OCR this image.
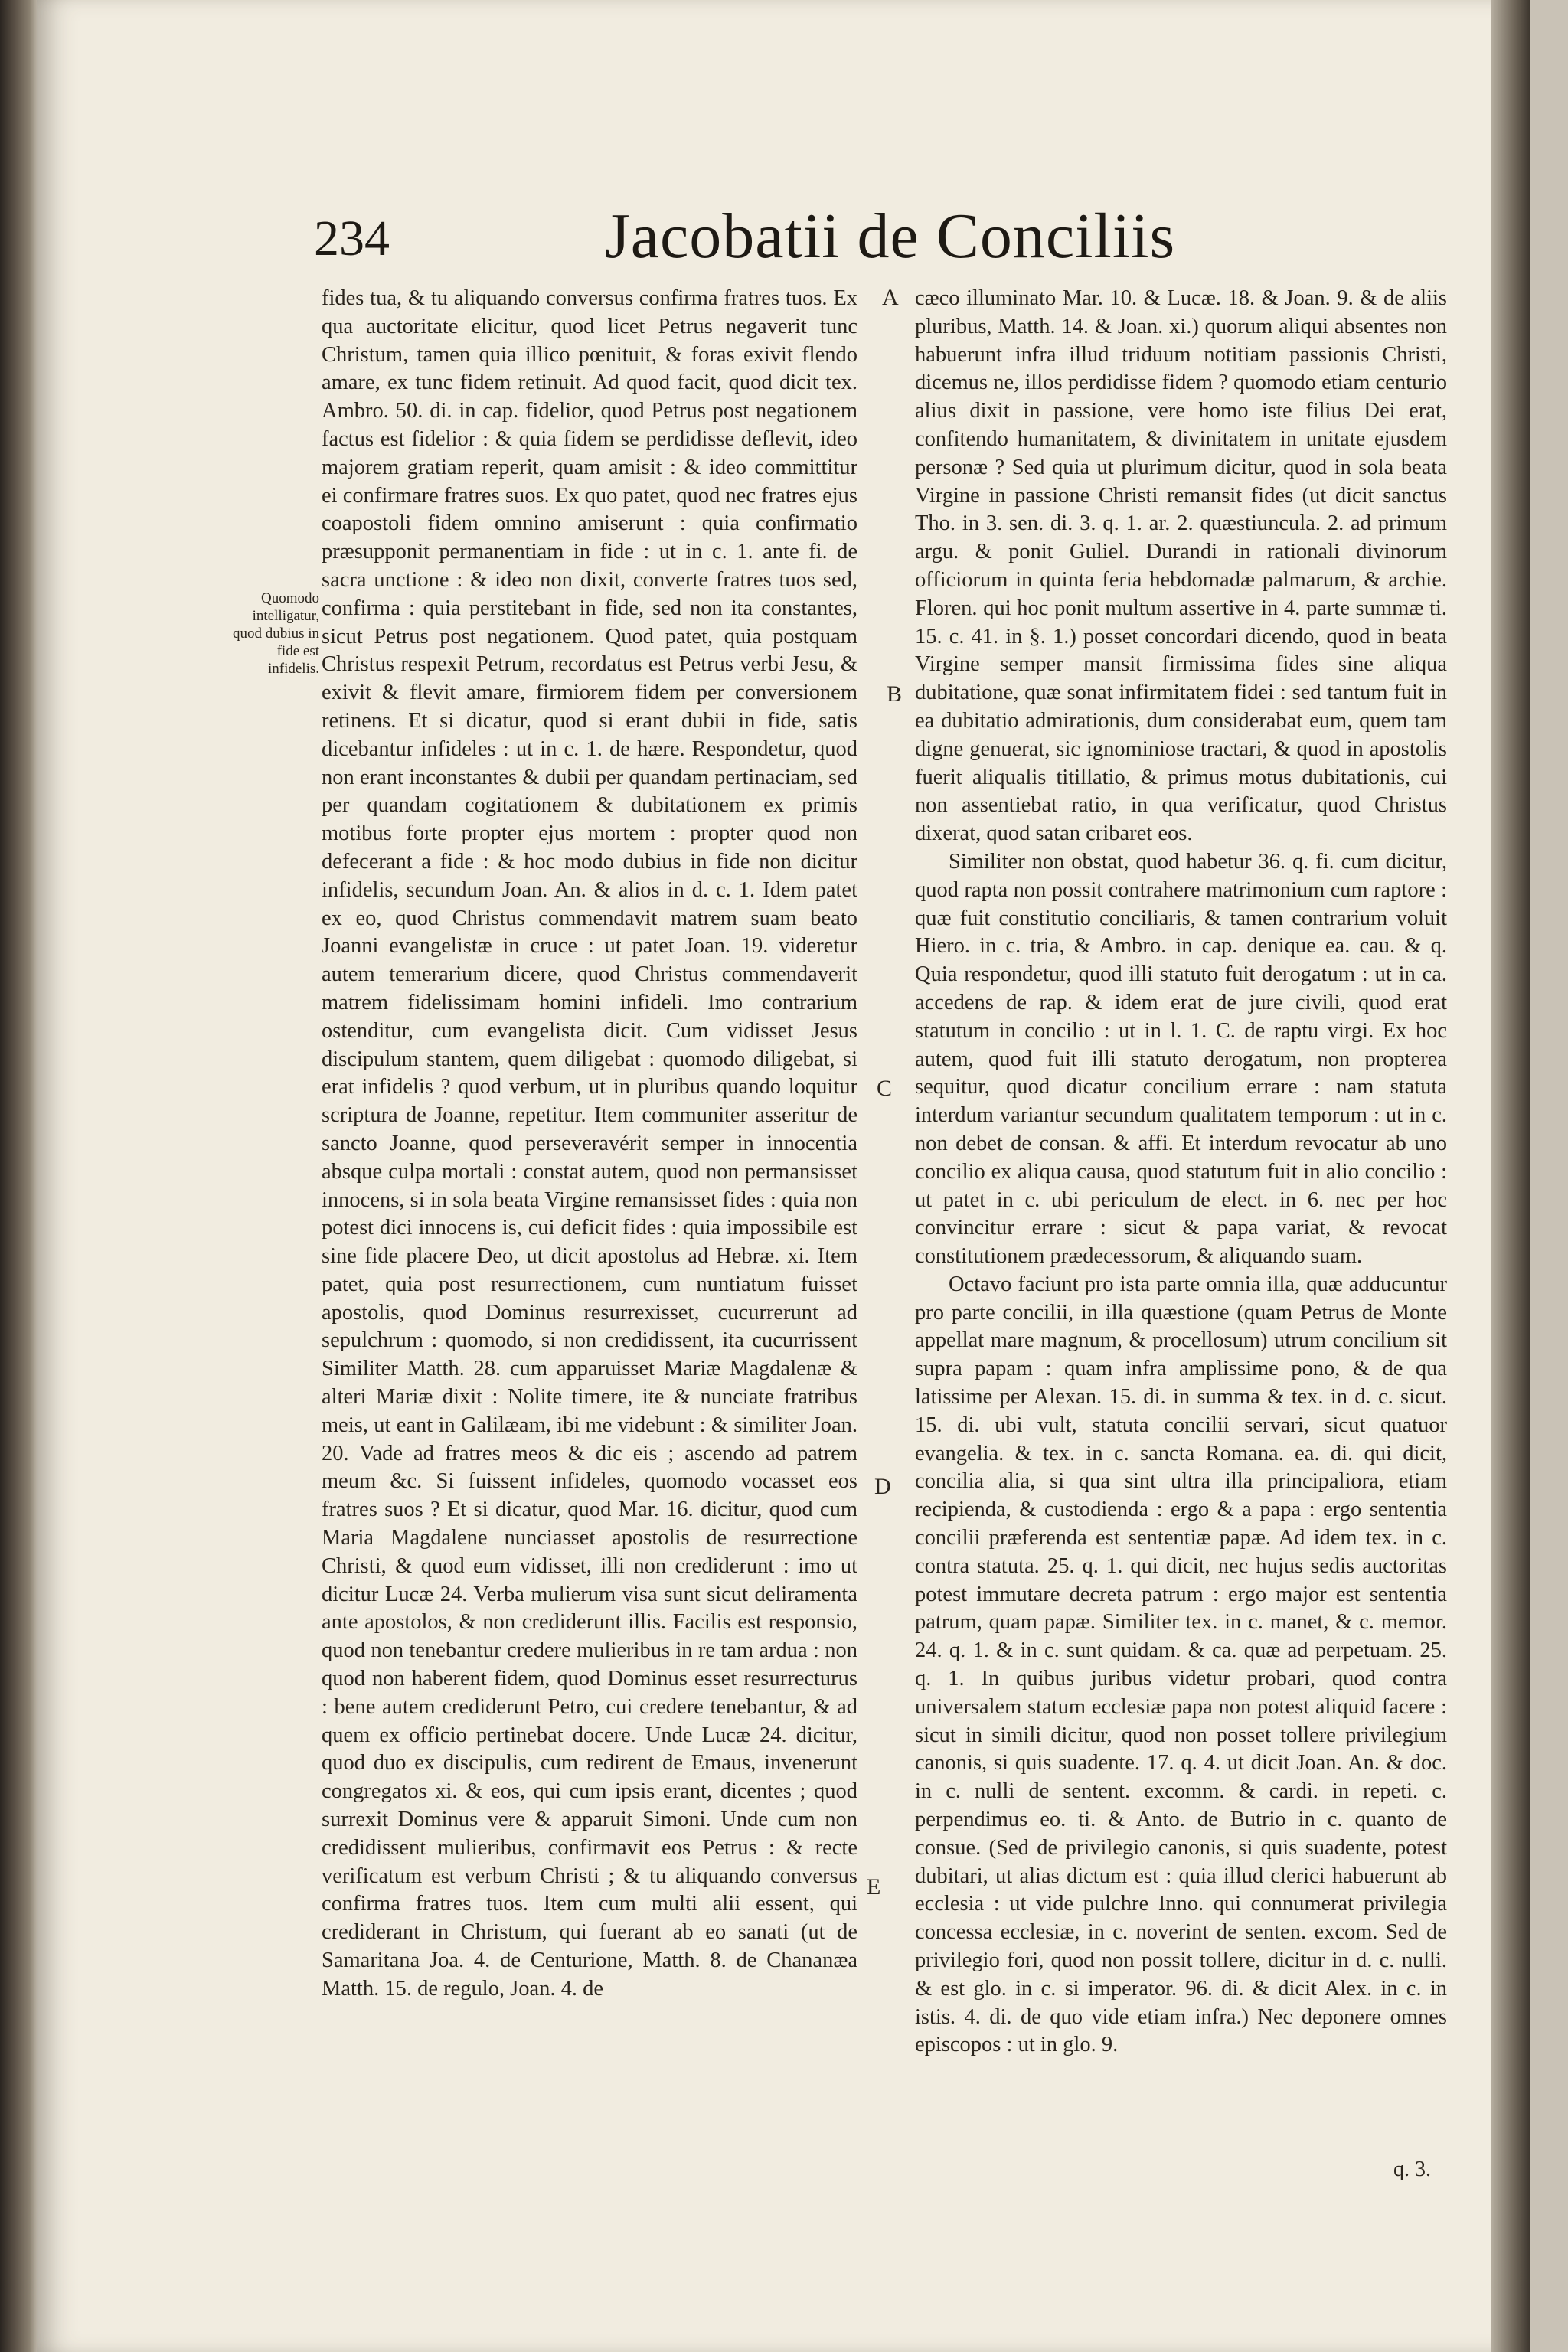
234	Jacobatii de Conciliis
Quomodo intelligatur, quod dubius in fide est infidelis.
A
B
C
D
E

fides tua, & tu aliquando conversus confirma fratres tuos. Ex qua auctoritate elicitur, quod licet Petrus negaverit tunc Christum, tamen quia illico pœnituit, & foras exivit flendo amare, ex tunc fidem retinuit. Ad quod facit, quod dicit tex. Ambro. 50. di. in cap. fidelior, quod Petrus post negationem factus est fidelior : & quia fidem se perdidisse deflevit, ideo majorem gratiam reperit, quam amisit : & ideo committitur ei confirmare fratres suos. Ex quo patet, quod nec fratres ejus coapostoli fidem omnino amiserunt : quia confirmatio præsupponit permanentiam in fide : ut in c. 1. ante fi. de sacra unctione : & ideo non dixit, converte fratres tuos sed, confirma : quia perstitebant in fide, sed non ita constantes, sicut Petrus post negationem. Quod patet, quia postquam Christus respexit Petrum, recordatus est Petrus verbi Jesu, & exivit & flevit amare, firmiorem fidem per conversionem retinens. Et si dicatur, quod si erant dubii in fide, satis dicebantur infideles : ut in c. 1. de hære. Respondetur, quod non erant inconstantes & dubii per quandam pertinaciam, sed per quandam cogitationem & dubitationem ex primis motibus forte propter ejus mortem : propter quod non defecerant a fide : & hoc modo dubius in fide non dicitur infidelis, secundum Joan. An. & alios in d. c. 1. Idem patet ex eo, quod Christus commendavit matrem suam beato Joanni evangelistæ in cruce : ut patet Joan. 19. videretur autem temerarium dicere, quod Christus commendaverit matrem fidelissimam homini infideli. Imo contrarium ostenditur, cum evangelista dicit. Cum vidisset Jesus discipulum stantem, quem diligebat : quomodo diligebat, si erat infidelis ? quod verbum, ut in pluribus quando loquitur scriptura de Joanne, repetitur. Item communiter asseritur de sancto Joanne, quod perseveravérit semper in innocentia absque culpa mortali : constat autem, quod non permansisset innocens, si in sola beata Virgine remansisset fides : quia non potest dici innocens is, cui deficit fides : quia impossibile est sine fide placere Deo, ut dicit apostolus ad Hebræ. xi. Item patet, quia post resurrectionem, cum nuntiatum fuisset apostolis, quod Dominus resurrexisset, cucurrerunt ad sepulchrum : quomodo, si non credidissent, ita cucurrissent Similiter Matth. 28. cum apparuisset Mariæ Magdalenæ & alteri Mariæ dixit : Nolite timere, ite & nunciate fratribus meis, ut eant in Galilæam, ibi me videbunt : & similiter Joan. 20. Vade ad fratres meos & dic eis ; ascendo ad patrem meum &c. Si fuissent infideles, quomodo vocasset eos fratres suos ? Et si dicatur, quod Mar. 16. dicitur, quod cum Maria Magdalene nunciasset apostolis de resurrectione Christi, & quod eum vidisset, illi non crediderunt : imo ut dicitur Lucæ 24. Verba mulierum visa sunt sicut deliramenta ante apostolos, & non crediderunt illis. Facilis est responsio, quod non tenebantur credere mulieribus in re tam ardua : non quod non haberent fidem, quod Dominus esset resurrecturus : bene autem crediderunt Petro, cui credere tenebantur, & ad quem ex officio pertinebat docere. Unde Lucæ 24. dicitur, quod duo ex discipulis, cum redirent de Emaus, invenerunt congregatos xi. & eos, qui cum ipsis erant, dicentes ; quod surrexit Dominus vere & apparuit Simoni. Unde cum non credidissent mulieribus, confirmavit eos Petrus : & recte verificatum est verbum Christi ; & tu aliquando conversus confirma fratres tuos. Item cum multi alii essent, qui crediderant in Christum, qui fuerant ab eo sanati (ut de Samaritana Joa. 4. de Centurione, Matth. 8. de Chananæa Matth. 15. de regulo, Joan. 4. de

cæco illuminato Mar. 10. & Lucæ. 18. & Joan. 9. & de aliis pluribus, Matth. 14. & Joan. xi.) quorum aliqui absentes non habuerunt infra illud triduum notitiam passionis Christi, dicemus ne, illos perdidisse fidem ? quomodo etiam centurio alius dixit in passione, vere homo iste filius Dei erat, confitendo humanitatem, & divinitatem in unitate ejusdem personæ ? Sed quia ut plurimum dicitur, quod in sola beata Virgine in passione Christi remansit fides (ut dicit sanctus Tho. in 3. sen. di. 3. q. 1. ar. 2. quæstiuncula. 2. ad primum argu. & ponit Guliel. Durandi in rationali divinorum officiorum in quinta feria hebdomadæ palmarum, & archie. Floren. qui hoc ponit multum assertive in 4. parte summæ ti. 15. c. 41. in §. 1.) posset concordari dicendo, quod in beata Virgine semper mansit firmissima fides sine aliqua dubitatione, quæ sonat infirmitatem fidei : sed tantum fuit in ea dubitatio admirationis, dum considerabat eum, quem tam digne genuerat, sic ignominiose tractari, & quod in apostolis fuerit aliqualis titillatio, & primus motus dubitationis, cui non assentiebat ratio, in qua verificatur, quod Christus dixerat, quod satan cribaret eos.

Similiter non obstat, quod habetur 36. q. fi. cum dicitur, quod rapta non possit contrahere matrimonium cum raptore : quæ fuit constitutio conciliaris, & tamen contrarium voluit Hiero. in c. tria, & Ambro. in cap. denique ea. cau. & q. Quia respondetur, quod illi statuto fuit derogatum : ut in ca. accedens de rap. & idem erat de jure civili, quod erat statutum in concilio : ut in l. 1. C. de raptu virgi. Ex hoc autem, quod fuit illi statuto derogatum, non propterea sequitur, quod dicatur concilium errare : nam statuta interdum variantur secundum qualitatem temporum : ut in c. non debet de consan. & affi. Et interdum revocatur ab uno concilio ex aliqua causa, quod statutum fuit in alio concilio : ut patet in c. ubi periculum de elect. in 6. nec per hoc convincitur errare : sicut & papa variat, & revocat constitutionem prædecessorum, & aliquando suam.

Octavo faciunt pro ista parte omnia illa, quæ adducuntur pro parte concilii, in illa quæstione (quam Petrus de Monte appellat mare magnum, & procellosum) utrum concilium sit supra papam : quam infra amplissime pono, & de qua latissime per Alexan. 15. di. in summa & tex. in d. c. sicut. 15. di. ubi vult, statuta concilii servari, sicut quatuor evangelia. & tex. in c. sancta Romana. ea. di. qui dicit, concilia alia, si qua sint ultra illa principaliora, etiam recipienda, & custodienda : ergo & a papa : ergo sententia concilii præferenda est sententiæ papæ. Ad idem tex. in c. contra statuta. 25. q. 1. qui dicit, nec hujus sedis auctoritas potest immutare decreta patrum : ergo major est sententia patrum, quam papæ. Similiter tex. in c. manet, & c. memor. 24. q. 1. & in c. sunt quidam. & ca. quæ ad perpetuam. 25. q. 1. In quibus juribus videtur probari, quod contra universalem statum ecclesiæ papa non potest aliquid facere : sicut in simili dicitur, quod non posset tollere privilegium canonis, si quis suadente. 17. q. 4. ut dicit Joan. An. & doc. in c. nulli de sentent. excomm. & cardi. in repeti. c. perpendimus eo. ti. & Anto. de Butrio in c. quanto de consue. (Sed de privilegio canonis, si quis suadente, potest dubitari, ut alias dictum est : quia illud clerici habuerunt ab ecclesia : ut vide pulchre Inno. qui connumerat privilegia concessa ecclesiæ, in c. noverint de senten. excom. Sed de privilegio fori, quod non possit tollere, dicitur in d. c. nulli. & est glo. in c. si imperator. 96. di. & dicit Alex. in c. in istis. 4. di. de quo vide etiam infra.) Nec deponere omnes episcopos : ut in glo. 9.

q. 3.
